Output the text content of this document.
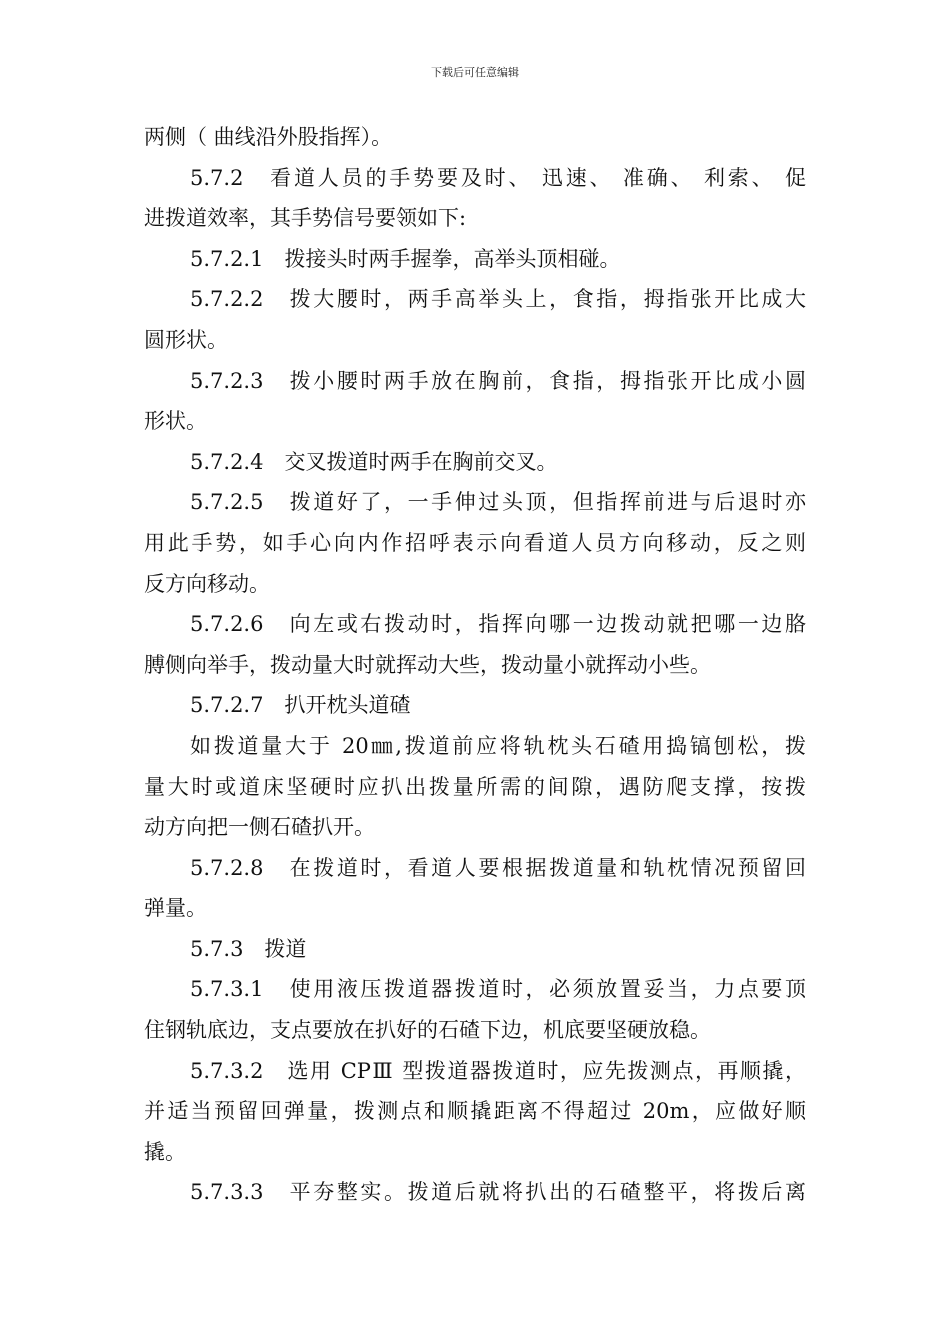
下载后可任意编辑
两侧（ 曲线沿外股指挥）。
5.7.2　看道人员的手势要及时、 迅速、 准确、 利索、 促
进拨道效率，其手势信号要领如下:
5.7.2.1　拨接头时两手握拳，高举头顶相碰。
5.7.2.2　拨大腰时，两手高举头上，食指，拇指张开比成大
圆形状。
5.7.2.3　拨小腰时两手放在胸前，食指，拇指张开比成小圆
形状。
5.7.2.4　交叉拨道时两手在胸前交叉。
5.7.2.5　拨道好了，一手伸过头顶，但指挥前进与后退时亦
用此手势，如手心向内作招呼表示向看道人员方向移动，反之则
反方向移动。
5.7.2.6　向左或右拨动时，指挥向哪一边拨动就把哪一边胳
膊侧向举手，拨动量大时就挥动大些，拨动量小就挥动小些。
5.7.2.7　扒开枕头道碴
如拨道量大于 20㎜,拨道前应将轨枕头石碴用捣镐刨松，拨
量大时或道床坚硬时应扒出拨量所需的间隙，遇防爬支撑，按拨
动方向把一侧石碴扒开。
5.7.2.8　在拨道时，看道人要根据拨道量和轨枕情况预留回
弹量。
5.7.3　拨道
5.7.3.1　使用液压拨道器拨道时，必须放置妥当，力点要顶
住钢轨底边，支点要放在扒好的石碴下边，机底要坚硬放稳。
5.7.3.2　选用 CPⅢ 型拨道器拨道时，应先拨测点，再顺撬，
并适当预留回弹量，拨测点和顺撬距离不得超过 20m，应做好顺
撬。
5.7.3.3　平夯整实。拨道后就将扒出的石碴整平，将拨后离
